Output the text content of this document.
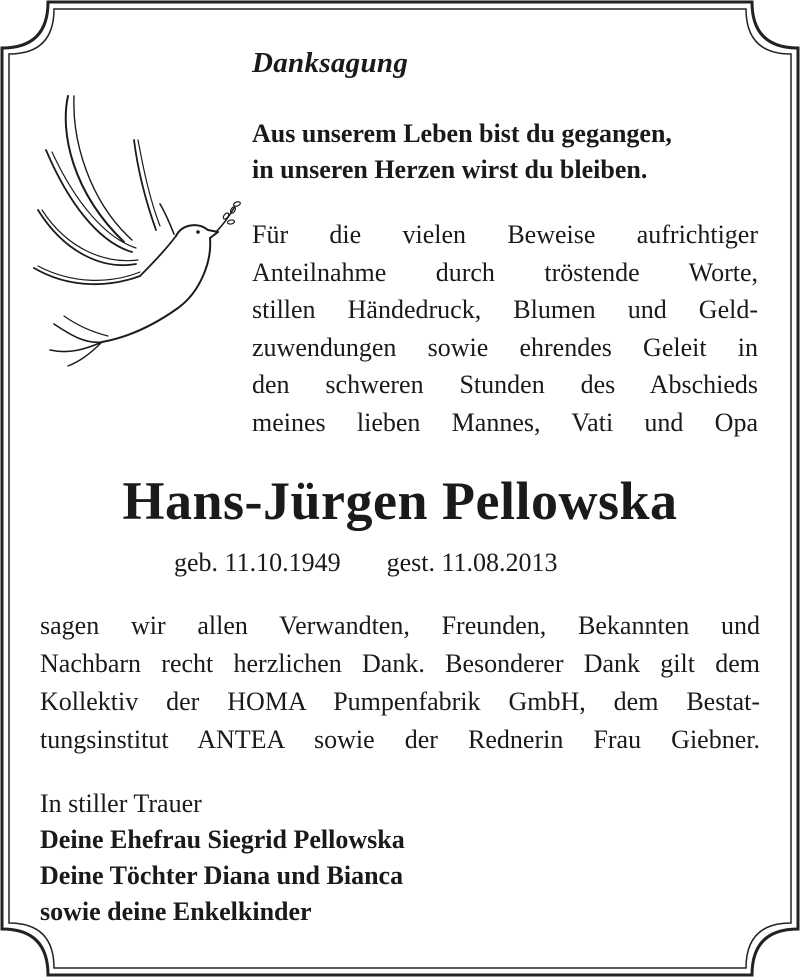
Danksagung
Aus unserem Leben bist du gegangen,
in unseren Herzen wirst du bleiben.
Für die vielen Beweise aufrichtiger
Anteilnahme durch tröstende Worte,
stillen Händedruck, Blumen und Geld-
zuwendungen sowie ehrendes Geleit in
den schweren Stunden des Abschieds
meines lieben Mannes, Vati und Opa
Hans-Jürgen Pellowska
geb. 11.10.1949 gest. 11.08.2013
sagen wir allen Verwandten, Freunden, Bekannten und
Nachbarn recht herzlichen Dank. Besonderer Dank gilt dem
Kollektiv der HOMA Pumpenfabrik GmbH, dem Bestat-
tungsinstitut ANTEA sowie der Rednerin Frau Giebner.
In stiller Trauer
Deine Ehefrau Siegrid Pellowska
Deine Töchter Diana und Bianca
sowie deine Enkelkinder
